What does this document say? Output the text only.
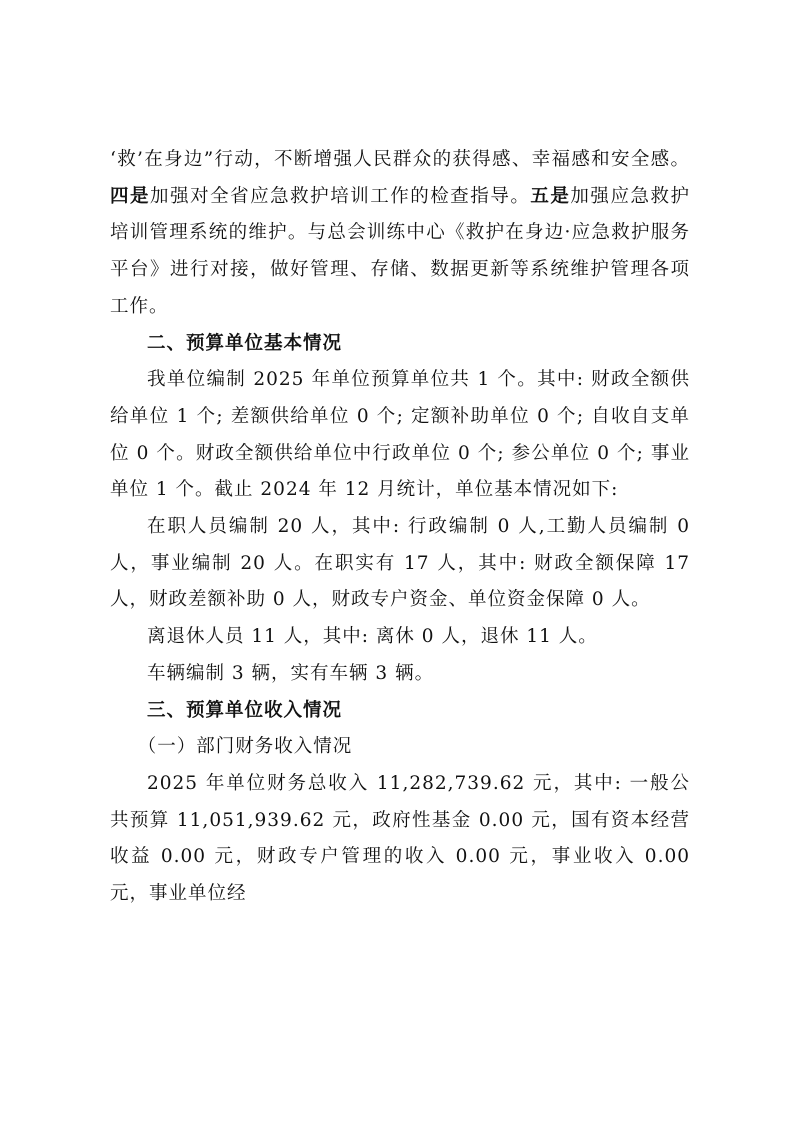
‘救’在身边”行动，不断增强人民群众的获得感、幸福感和安全感。四是加强对全省应急救护培训工作的检查指导。五是加强应急救护培训管理系统的维护。与总会训练中心《救护在身边·应急救护服务平台》进行对接，做好管理、存储、数据更新等系统维护管理各项工作。

二、预算单位基本情况

我单位编制 2025 年单位预算单位共 1 个。其中: 财政全额供给单位 1 个; 差额供给单位 0 个; 定额补助单位 0 个; 自收自支单位 0 个。财政全额供给单位中行政单位 0 个; 参公单位 0 个; 事业单位 1 个。截止 2024 年 12 月统计，单位基本情况如下:

在职人员编制 20 人，其中: 行政编制 0 人,工勤人员编制 0 人，事业编制 20 人。在职实有 17 人，其中: 财政全额保障 17 人，财政差额补助 0 人，财政专户资金、单位资金保障 0 人。

离退休人员 11 人，其中: 离休 0 人，退休 11 人。

车辆编制 3 辆，实有车辆 3 辆。

三、预算单位收入情况

（一）部门财务收入情况

2025 年单位财务总收入 11,282,739.62 元，其中: 一般公共预算 11,051,939.62 元，政府性基金 0.00 元，国有资本经营收益 0.00 元，财政专户管理的收入 0.00 元，事业收入 0.00 元，事业单位经
